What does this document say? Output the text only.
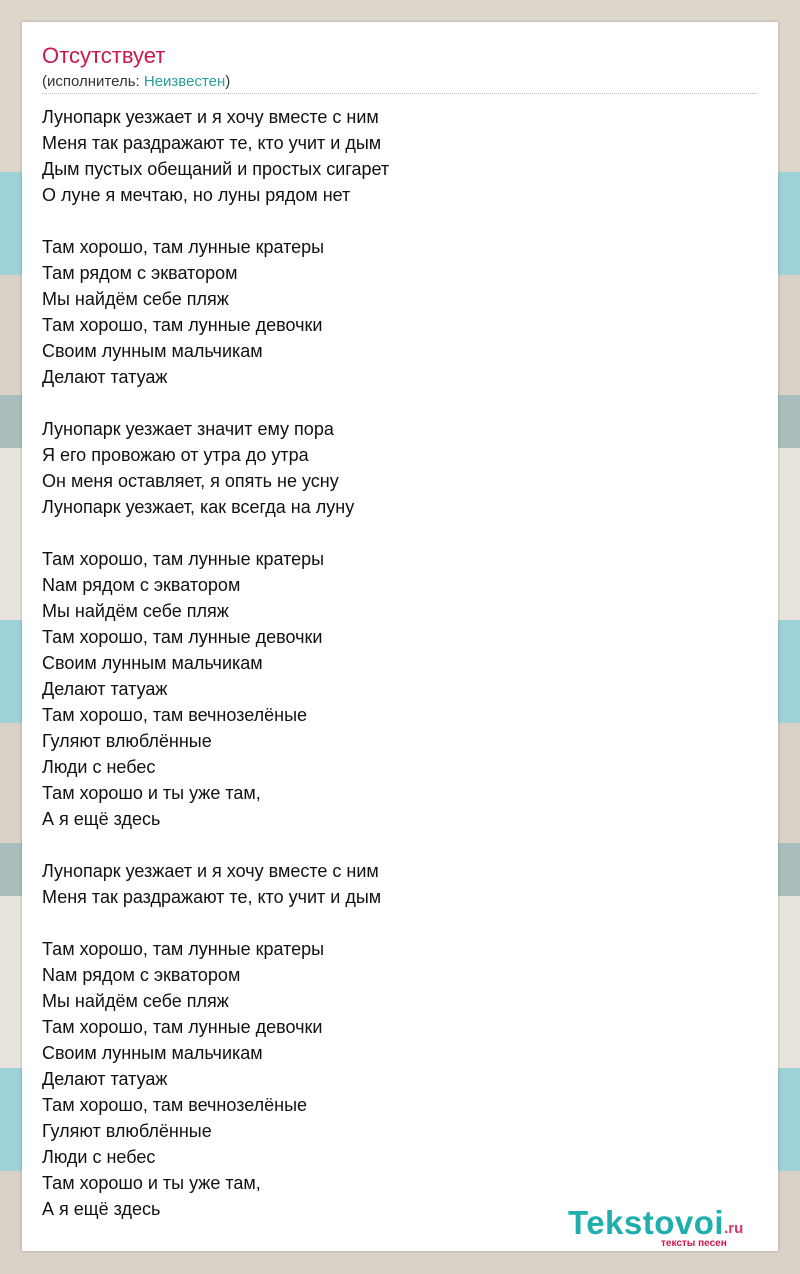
Отсутствует
(исполнитель: Неизвестен)
Лунопарк уезжает и я хочу вместе с ним
Меня так раздражают те, кто учит и дым
Дым пустых обещаний и простых сигарет
О луне я мечтаю, но луны рядом нет
Там хорошо, там лунные кратеры
Там рядом с экватором
Мы найдём себе пляж
Там хорошо, там лунные девочки
Своим лунным мальчикам
Делают татуаж
Лунопарк уезжает значит ему пора
Я его провожаю от утра до утра
Он меня оставляет, я опять не усну
Лунопарк уезжает, как всегда на луну
Там хорошо, там лунные кратеры
Nам рядом с экватором
Мы найдём себе пляж
Там хорошо, там лунные девочки
Своим лунным мальчикам
Делают татуаж
Там хорошо, там вечнозелёные
Гуляют влюблённые
Люди с небес
Там хорошо и ты уже там,
А я ещё здесь
Лунопарк уезжает и я хочу вместе с ним
Меня так раздражают те, кто учит и дым
Там хорошо, там лунные кратеры
Nам рядом с экватором
Мы найдём себе пляж
Там хорошо, там лунные девочки
Своим лунным мальчикам
Делают татуаж
Там хорошо, там вечнозелёные
Гуляют влюблённые
Люди с небес
Там хорошо и ты уже там,
А я ещё здесь	Tekstovoi.ru
тексты песен
